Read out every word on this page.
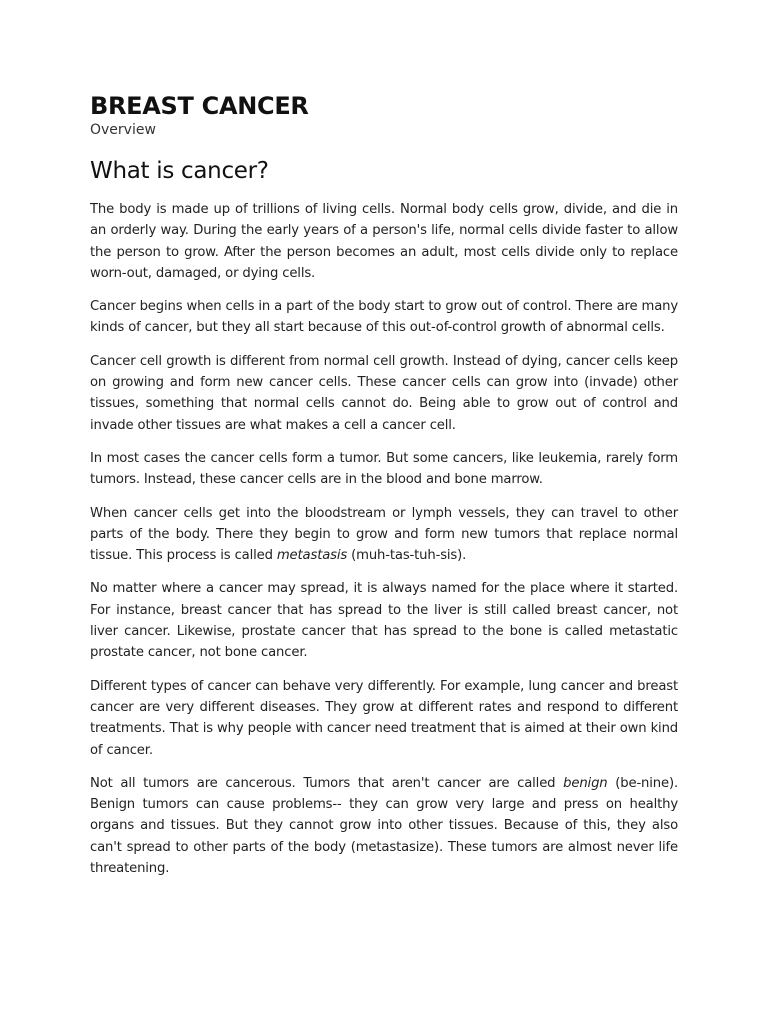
BREAST CANCER
Overview
What is cancer?

The body is made up of trillions of living cells. Normal body cells grow, divide, and die in an orderly way. During the early years of a person's life, normal cells divide faster to allow the person to grow. After the person becomes an adult, most cells divide only to replace worn-out, damaged, or dying cells.

Cancer begins when cells in a part of the body start to grow out of control. There are many kinds of cancer, but they all start because of this out-of-control growth of abnormal cells.

Cancer cell growth is different from normal cell growth. Instead of dying, cancer cells keep on growing and form new cancer cells. These cancer cells can grow into (invade) other tissues, something that normal cells cannot do. Being able to grow out of control and invade other tissues are what makes a cell a cancer cell.

In most cases the cancer cells form a tumor. But some cancers, like leukemia, rarely form tumors. Instead, these cancer cells are in the blood and bone marrow.

When cancer cells get into the bloodstream or lymph vessels, they can travel to other parts of the body. There they begin to grow and form new tumors that replace normal tissue. This process is called metastasis (muh-tas-tuh-sis).

No matter where a cancer may spread, it is always named for the place where it started. For instance, breast cancer that has spread to the liver is still called breast cancer, not liver cancer. Likewise, prostate cancer that has spread to the bone is called metastatic prostate cancer, not bone cancer.

Different types of cancer can behave very differently. For example, lung cancer and breast cancer are very different diseases. They grow at different rates and respond to different treatments. That is why people with cancer need treatment that is aimed at their own kind of cancer.

Not all tumors are cancerous. Tumors that aren't cancer are called benign (be-nine). Benign tumors can cause problems-- they can grow very large and press on healthy organs and tissues. But they cannot grow into other tissues. Because of this, they also can't spread to other parts of the body (metastasize). These tumors are almost never life threatening.
